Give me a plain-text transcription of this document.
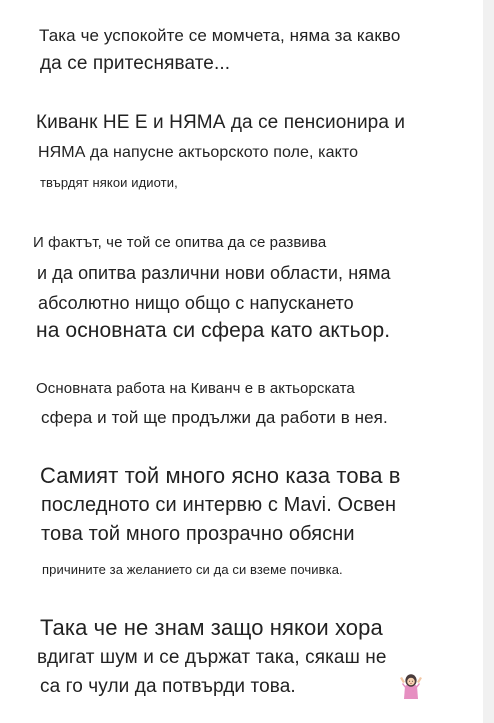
Така че успокойте се момчета, няма за какво
да се притеснявате...
Киванк НЕ Е и НЯМА да се пенсионира и
НЯМА да напусне актьорското поле, както
твърдят някои идиоти,
И фактът, че той се опитва да се развива
и да опитва различни нови области, няма
абсолютно нищо общо с напускането
на основната си сфера като актьор.
Основната работа на Киванч е в актьорската
сфера и той ще продължи да работи в нея.
Самият той много ясно каза това в
последното си интервю с Mavi. Освен
това той много прозрачно обясни
причините за желанието си да си вземе почивка.
Така че не знам защо някои хора
вдигат шум и се държат така, сякаш не
са го чули да потвърди това.
